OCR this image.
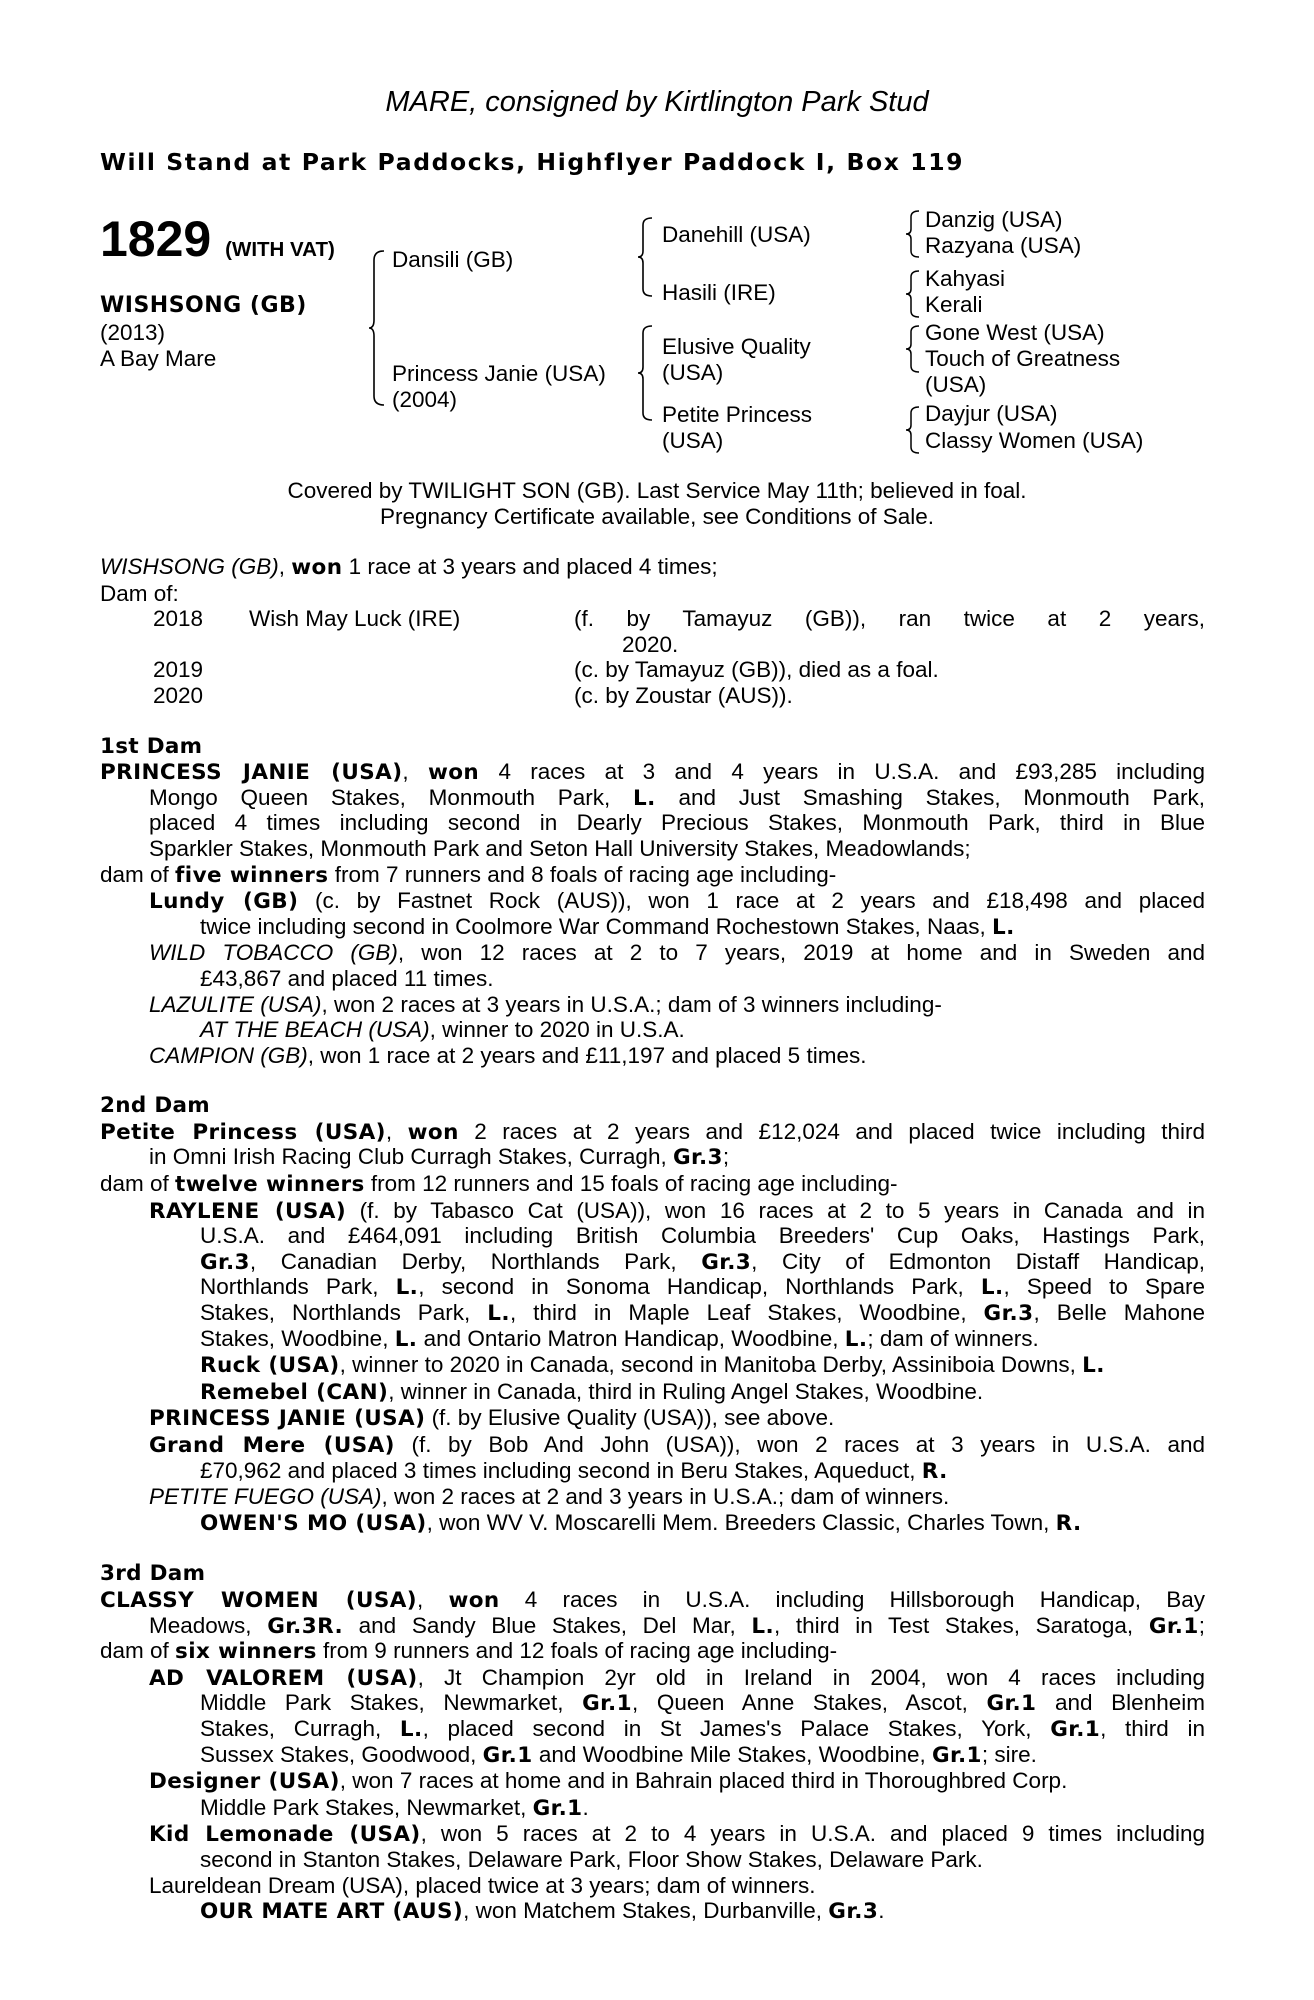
MARE, consigned by Kirtlington Park Stud
Will Stand at Park Paddocks, Highflyer Paddock I, Box 119
1829 (WITH VAT)
WISHSONG (GB)
(2013)
A Bay Mare
Dansili (GB)
Princess Janie (USA)
(2004)
Danehill (USA)
Hasili (IRE)
Elusive Quality
(USA)
Petite Princess
(USA)
Danzig (USA)
Razyana (USA)
Kahyasi
Kerali
Gone West (USA)
Touch of Greatness
(USA)
Dayjur (USA)
Classy Women (USA)
Covered by TWILIGHT SON (GB). Last Service May 11th; believed in foal.
Pregnancy Certificate available, see Conditions of Sale.
WISHSONG (GB), won 1 race at 3 years and placed 4 times;
Dam of:
2018 Wish May Luck (IRE)	(f. by Tamayuz (GB)), ran twice at 2 years,
2020.
2019	(c. by Tamayuz (GB)), died as a foal.
2020	(c. by Zoustar (AUS)).
1st Dam
PRINCESS JANIE (USA), won 4 races at 3 and 4 years in U.S.A. and £93,285 including
Mongo Queen Stakes, Monmouth Park, L. and Just Smashing Stakes, Monmouth Park,
placed 4 times including second in Dearly Precious Stakes, Monmouth Park, third in Blue
Sparkler Stakes, Monmouth Park and Seton Hall University Stakes, Meadowlands;
dam of five winners from 7 runners and 8 foals of racing age including-
Lundy (GB) (c. by Fastnet Rock (AUS)), won 1 race at 2 years and £18,498 and placed
twice including second in Coolmore War Command Rochestown Stakes, Naas, L.
WILD TOBACCO (GB), won 12 races at 2 to 7 years, 2019 at home and in Sweden and
£43,867 and placed 11 times.
LAZULITE (USA), won 2 races at 3 years in U.S.A.; dam of 3 winners including-
AT THE BEACH (USA), winner to 2020 in U.S.A.
CAMPION (GB), won 1 race at 2 years and £11,197 and placed 5 times.
2nd Dam
Petite Princess (USA), won 2 races at 2 years and £12,024 and placed twice including third
in Omni Irish Racing Club Curragh Stakes, Curragh, Gr.3;
dam of twelve winners from 12 runners and 15 foals of racing age including-
RAYLENE (USA) (f. by Tabasco Cat (USA)), won 16 races at 2 to 5 years in Canada and in
U.S.A. and £464,091 including British Columbia Breeders' Cup Oaks, Hastings Park,
Gr.3, Canadian Derby, Northlands Park, Gr.3, City of Edmonton Distaff Handicap,
Northlands Park, L., second in Sonoma Handicap, Northlands Park, L., Speed to Spare
Stakes, Northlands Park, L., third in Maple Leaf Stakes, Woodbine, Gr.3, Belle Mahone
Stakes, Woodbine, L. and Ontario Matron Handicap, Woodbine, L.; dam of winners.
Ruck (USA), winner to 2020 in Canada, second in Manitoba Derby, Assiniboia Downs, L.
Remebel (CAN), winner in Canada, third in Ruling Angel Stakes, Woodbine.
PRINCESS JANIE (USA) (f. by Elusive Quality (USA)), see above.
Grand Mere (USA) (f. by Bob And John (USA)), won 2 races at 3 years in U.S.A. and
£70,962 and placed 3 times including second in Beru Stakes, Aqueduct, R.
PETITE FUEGO (USA), won 2 races at 2 and 3 years in U.S.A.; dam of winners.
OWEN'S MO (USA), won WV V. Moscarelli Mem. Breeders Classic, Charles Town, R.
3rd Dam
CLASSY WOMEN (USA), won 4 races in U.S.A. including Hillsborough Handicap, Bay
Meadows, Gr.3R. and Sandy Blue Stakes, Del Mar, L., third in Test Stakes, Saratoga, Gr.1;
dam of six winners from 9 runners and 12 foals of racing age including-
AD VALOREM (USA), Jt Champion 2yr old in Ireland in 2004, won 4 races including
Middle Park Stakes, Newmarket, Gr.1, Queen Anne Stakes, Ascot, Gr.1 and Blenheim
Stakes, Curragh, L., placed second in St James's Palace Stakes, York, Gr.1, third in
Sussex Stakes, Goodwood, Gr.1 and Woodbine Mile Stakes, Woodbine, Gr.1; sire.
Designer (USA), won 7 races at home and in Bahrain placed third in Thoroughbred Corp.
Middle Park Stakes, Newmarket, Gr.1.
Kid Lemonade (USA), won 5 races at 2 to 4 years in U.S.A. and placed 9 times including
second in Stanton Stakes, Delaware Park, Floor Show Stakes, Delaware Park.
Laureldean Dream (USA), placed twice at 3 years; dam of winners.
OUR MATE ART (AUS), won Matchem Stakes, Durbanville, Gr.3.
